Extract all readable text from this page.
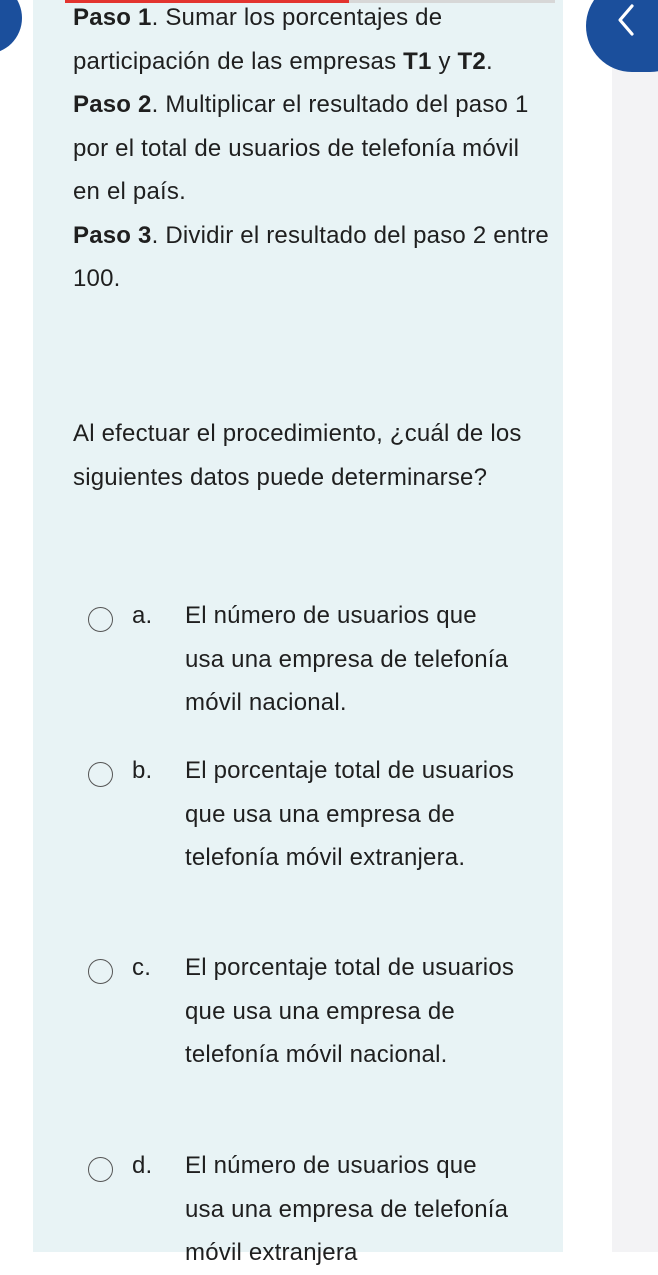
Paso 1. Sumar los porcentajes de participación de las empresas T1 y T2.

Paso 2. Multiplicar el resultado del paso 1 por el total de usuarios de telefonía móvil en el país.

Paso 3. Dividir el resultado del paso 2 entre 100.

Al efectuar el procedimiento, ¿cuál de los siguientes datos puede determinarse?

a. El número de usuarios que usa una empresa de telefonía móvil nacional.
b. El porcentaje total de usuarios que usa una empresa de telefonía móvil extranjera.
c. El porcentaje total de usuarios que usa una empresa de telefonía móvil nacional.
d. El número de usuarios que usa una empresa de telefonía móvil extranjera
